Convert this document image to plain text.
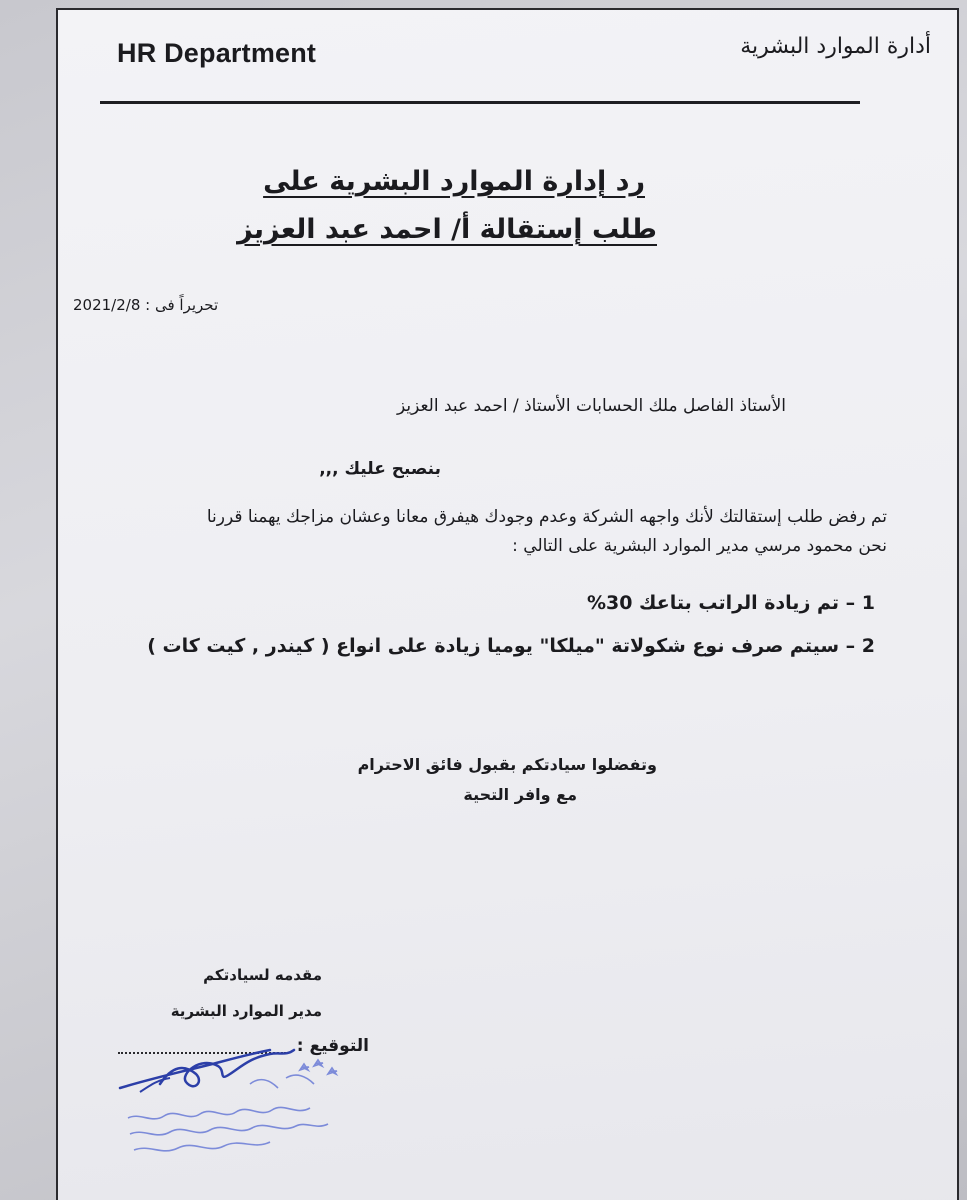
HR Department	أدارة الموارد البشرية
رد إدارة الموارد البشرية على
طلب إستقالة أ/ احمد عبد العزيز
تحريراً فى : 2021/2/8
الأستاذ الفاصل ملك الحسابات الأستاذ / احمد عبد العزيز
بنصبح عليك ,,,
تم رفض طلب إستقالتك لأنك واجهه الشركة وعدم وجودك هيفرق معانا وعشان مزاجك يهمنا قررنا
نحن محمود مرسي مدير الموارد البشرية على التالي :
1 – تم زيادة الراتب بتاعك 30%
2 – سيتم صرف نوع شكولاتة "ميلكا" يوميا زيادة على انواع ( كيندر , كيت كات )
وتفضلوا سيادتكم بقبول فائق الاحترام
مع وافر التحية
مقدمه لسيادتكم
مدير الموارد البشرية
التوقيع :
